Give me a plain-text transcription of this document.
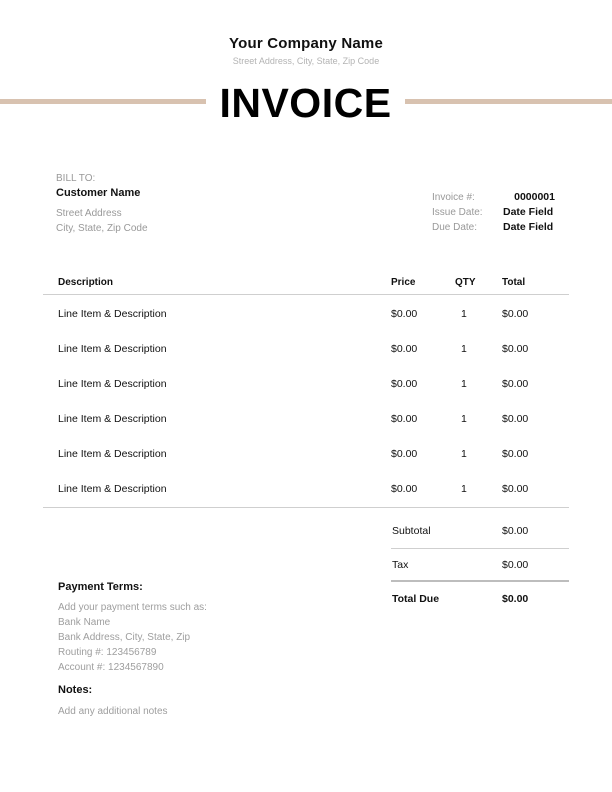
Your Company Name
Street Address, City, State, Zip Code
INVOICE
BILL TO:
Customer Name
Street Address
City, State, Zip Code
Invoice #:	0000001
Issue Date: Date Field
Due Date: Date Field
Description	Price	QTY	Total
Line Item & Description	$0.00	1	$0.00
Line Item & Description	$0.00	1	$0.00
Line Item & Description	$0.00	1	$0.00
Line Item & Description	$0.00	1	$0.00
Line Item & Description	$0.00	1	$0.00
Line Item & Description	$0.00	1	$0.00
Subtotal	$0.00
Tax	$0.00
Total Due	$0.00
Payment Terms:
Add your payment terms such as:
Bank Name
Bank Address, City, State, Zip
Routing #: 123456789
Account #: 1234567890
Notes:
Add any additional notes
